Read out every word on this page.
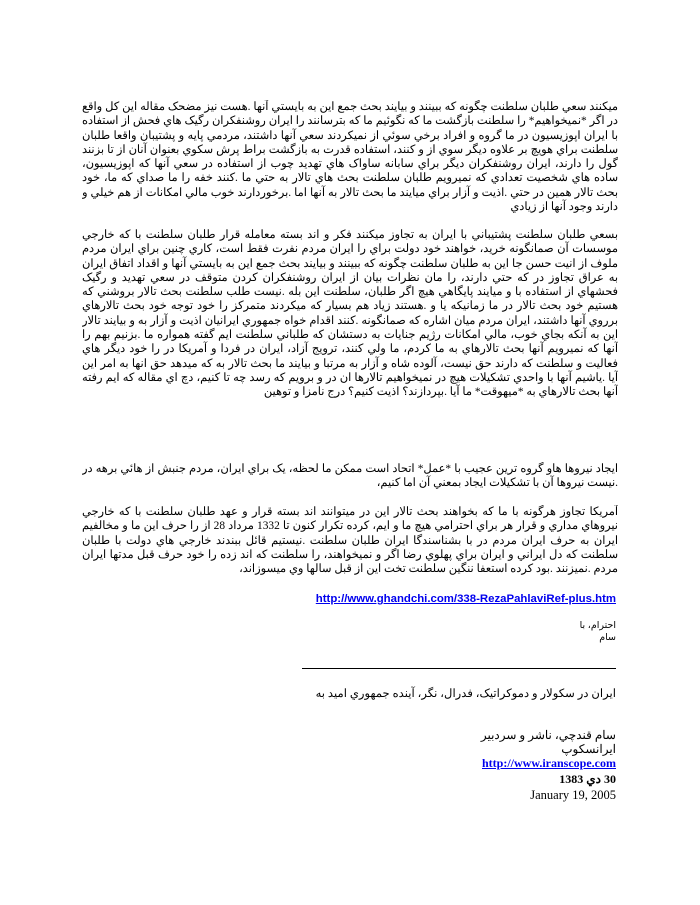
ميکنند سعي طلبان سلطنت چگونه که ببينند و بيايند بحث جمع اين به بايستي آنها .هست نيز مضحک مقاله اين کل واقع در اگر *نميخواهيم* را سلطنت بازگشت ما که نگوئيم ما که بترسانند را ايران روشنفکران رگيک هاي فحش از استفاده با ايران اپوزيسيون در ما گروه و افراد برخي سوئي از نميکردند سعي آنها داشتند، مردمي پايه و پشتيبان واقعا طلبان سلطنت براي هويچ بر علاوه ديگر سوي از و کنند، استفاده قدرت به بازگشت براط پرش سکوي بعنوان آنان از تا بزنند گول را دارند، ايران روشنفکران ديگر براي سابانه ساواک هاي تهديد چوب از استفاده در سعي آنها که اپوزيسيون، ساده هاي شخصيت تعدادي که نميرويم طلبان سلطنت بحث هاي تالار به حتي ما .کنند خفه را ما صداي که ما، خود بحث تالار همين در حتي .اذيت و آزار براي ميايند ما بحث تالار به آنها اما .برخوردارند خوب مالي امکانات از هم خيلي و دارند وجود آنها از زيادي

بسعي طلبان سلطنت پشتيباني با ايران به تجاوز ميکنند فکر و اند بسته معامله قرار طلبان سلطنت با که خارجي موسسات آن صمانگونه خريد، خواهند خود دولت براي را ايران مردم نفرت فقط است، کاري چنين براي ايران مردم ملوف از انيت حسن جا اين به طلبان سلطنت چگونه که ببينند و بيايند بحث جمع اين به بايستي آنها و اقداد اتفاق ايران به عراق تجاوز در که حتي دارند، را مان نظرات بيان از ايران روشنفکران کردن متوقف در سعي تهديد و رگيک فحشهاي از استفاده با و ميايند پايگاهي هيچ اگر طلبان، سلطنت اين بله .نيست طلب سلطنت بحث تالار بروشني که هستيم خود بحث تالار در ما زمانيکه يا و .هستند زياد هم بسيار که ميکردند متمرکز را خود توجه خود بحث تالارهاي برروي آنها داشتند، ايران مردم ميان اشاره که صمانگونه .کنند اقدام خواه جمهوري ايرانيان اذيت و آزار به و بيايند تالار اين به آنکه بجاي خوب، مالي امکانات رژيم جنايات به دستشان که طلباني سلطنت ايم گفته همواره ما .بزنيم بهم را آنها که نميرويم آنها بحث تالارهاي به ما کردم، ما ولي کنند، ترويج آزاد، ايران در فردا و آمريکا در را خود ديگر هاي فعاليت و سلطنت که دارند حق نيست، آلوده شاه و آزار به مرتبا و بيايند ما بحث تالار به که ميدهد حق انها به امر اين آيا .ياشيم آنها با واحدي تشکيلات هيچ در نميخواهيم تالارها ان در و برويم که رسد چه تا کنيم، دچ اي مقاله که ايم رفته آنها بحث تالارهاي به *ميهوقت* ما آيا .بپردازند؟ اذيت کنيم؟ درج نامزا و توهين

ايجاد نيروها هاو گروه ترين عجيب با *عمل* اتحاد است ممکن ما لحظه، يک براي ايران، مردم جنبش از هائي برهه در .نيست نيروها آن با تشکيلات ايجاد بمعني آن اما کنيم،

آمريکا تجاوز هرگونه با ما که بخواهند بحث تالار اين در ميتوانند اند بسته قرار و عهد طلبان سلطنت با که خارجي نيروهاي مداري و قرار هر براي احترامي هيچ ما و ايم، کرده تکرار کنون تا 1332 مرداد 28 از را حرف اين ما و مخالفيم ايران به حرف ايران مردم در با بشناسندگا ايران طلبان سلطنت .نيستيم قائل ببندند خارجي هاي دولت با طلبان سلطنت که دل ايراني و ايران براي پهلوي رضا اگر و نميخواهند، را سلطنت که اند زده را خود حرف قبل مدتها ايران مردم .نميزنند .بود کرده استعفا ننگين سلطنت تخت اين از قبل سالها وي ميسوزاند،

http://www.ghandchi.com/338-RezaPahlaviRef-plus.htm
احترام، با
سام
ايران در سکولار و دموکراتيک، فدرال، نگر، آينده جمهوري اميد به
سام قندچي، ناشر و سردبير
ايرانسکوپ
http://www.iranscope.com
30 دي 1383
January 19, 2005
